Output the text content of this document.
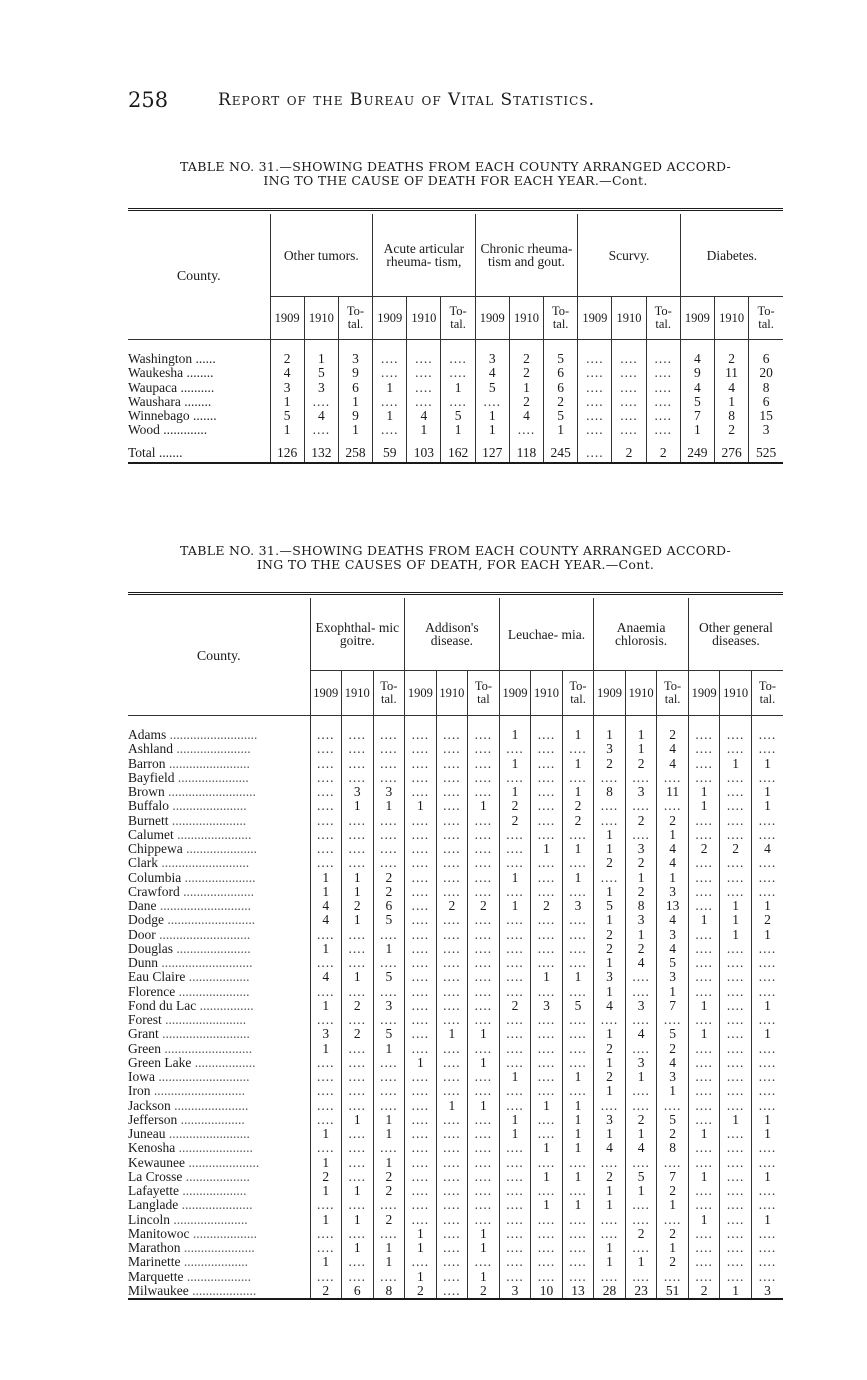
258	Report of the Bureau of Vital Statistics.
TABLE NO. 31.—SHOWING DEATHS FROM EACH COUNTY ARRANGED ACCORD-
ING TO THE CAUSE OF DEATH FOR EACH YEAR.—Cont.

County.	Other tumors.			Acute articular rheuma- tism,			Chronic rheuma- tism and gout.			Scurvy.			Diabetes.		
	1909	1910	To- tal.	1909	1910	To- tal.	1909	1910	To- tal.	1909	1910	To- tal.	1909	1910	To- tal.

Washington ......	2	1	3	....	....	....	3	2	5	....	....	....	4	2	6
Waukesha ........	4	5	9	....	....	....	4	2	6	....	....	....	9	11	20
Waupaca ..........	3	3	6	1	....	1	5	1	6	....	....	....	4	4	8
Waushara ........	1	....	1	....	....	....	....	2	2	....	....	....	5	1	6
Winnebago .......	5	4	9	1	4	5	1	4	5	....	....	....	7	8	15
Wood .............	1	....	1	....	1	1	1	....	1	....	....	....	1	2	3
Total .......	126	132	258	59	103	162	127	118	245	....	2	2	249	276	525

TABLE NO. 31.—SHOWING DEATHS FROM EACH COUNTY ARRANGED ACCORD-
ING TO THE CAUSES OF DEATH, FOR EACH YEAR.—Cont.

County.	Exophthal- mic goitre.			Addison's disease.			Leuchae- mia.			Anaemia chlorosis.			Other general diseases.		
	1909	1910	To- tal.	1909	1910	To- tal	1909	1910	To- tal.	1909	1910	To- tal.	1909	1910	To- tal.

Adams ..........................	....	....	....	....	....	....	1	....	1	1	1	2	....	....	....
Ashland ......................	....	....	....	....	....	....	....	....	....	3	1	4	....	....	....
Barron ........................	....	....	....	....	....	....	1	....	1	2	2	4	....	1	1
Bayfield .....................	....	....	....	....	....	....	....	....	....	....	....	....	....	....	....
Brown ..........................	....	3	3	....	....	....	1	....	1	8	3	11	1	....	1
Buffalo ......................	....	1	1	1	....	1	2	....	2	....	....	....	1	....	1
Burnett ......................	....	....	....	....	....	....	2	....	2	....	2	2	....	....	....
Calumet ......................	....	....	....	....	....	....	....	....	....	1	....	1	....	....	....
Chippewa .....................	....	....	....	....	....	....	....	1	1	1	3	4	2	2	4
Clark ..........................	....	....	....	....	....	....	....	....	....	2	2	4	....	....	....
Columbia .....................	1	1	2	....	....	....	1	....	1	....	1	1	....	....	....
Crawford .....................	1	1	2	....	....	....	....	....	....	1	2	3	....	....	....
Dane ...........................	4	2	6	....	2	2	1	2	3	5	8	13	....	1	1
Dodge ..........................	4	1	5	....	....	....	....	....	....	1	3	4	1	1	2
Door ...........................	....	....	....	....	....	....	....	....	....	2	1	3	....	1	1
Douglas ......................	1	....	1	....	....	....	....	....	....	2	2	4	....	....	....
Dunn ...........................	....	....	....	....	....	....	....	....	....	1	4	5	....	....	....
Eau Claire ..................	4	1	5	....	....	....	....	1	1	3	....	3	....	....	....
Florence .....................	....	....	....	....	....	....	....	....	....	1	....	1	....	....	....
Fond du Lac ................	1	2	3	....	....	....	2	3	5	4	3	7	1	....	1
Forest ........................	....	....	....	....	....	....	....	....	....	....	....	....	....	....	....
Grant ..........................	3	2	5	....	1	1	....	....	....	1	4	5	1	....	1
Green ..........................	1	....	1	....	....	....	....	....	....	2	....	2	....	....	....
Green Lake ..................	....	....	....	1	....	1	....	....	....	1	3	4	....	....	....
Iowa ...........................	....	....	....	....	....	....	1	....	1	2	1	3	....	....	....
Iron ...........................	....	....	....	....	....	....	....	....	....	1	....	1	....	....	....
Jackson ......................	....	....	....	....	1	1	....	1	1	....	....	....	....	....	....
Jefferson ...................	....	1	1	....	....	....	1	....	1	3	2	5	....	1	1
Juneau ........................	1	....	1	....	....	....	1	....	1	1	1	2	1	....	1
Kenosha ......................	....	....	....	....	....	....	....	1	1	4	4	8	....	....	....
Kewaunee .....................	1	....	1	....	....	....	....	....	....	....	....	....	....	....	....
La Crosse ...................	2	....	2	....	....	....	....	1	1	2	5	7	1	....	1
Lafayette ...................	1	1	2	....	....	....	....	....	....	1	1	2	....	....	....
Langlade .....................	....	....	....	....	....	....	....	1	1	1	....	1	....	....	....
Lincoln ......................	1	1	2	....	....	....	....	....	....	....	....	....	1	....	1
Manitowoc ...................	....	....	....	1	....	1	....	....	....	....	2	2	....	....	....
Marathon .....................	....	1	1	1	....	1	....	....	....	1	....	1	....	....	....
Marinette ...................	1	....	1	....	....	....	....	....	....	1	1	2	....	....	....
Marquette ...................	....	....	....	1	....	1	....	....	....	....	....	....	....	....	....
Milwaukee ...................	2	6	8	2	....	2	3	10	13	28	23	51	2	1	3
